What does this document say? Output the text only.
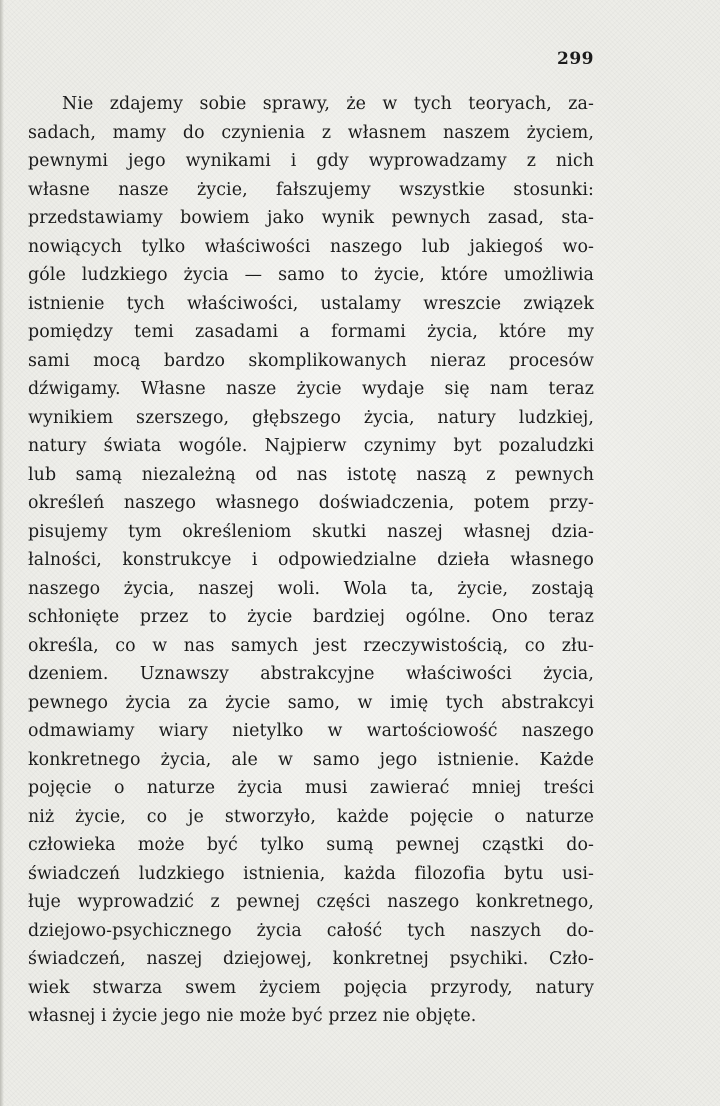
299

Nie zdajemy sobie sprawy, że w tych teoryach, za-
sadach, mamy do czynienia z własnem naszem życiem,
pewnymi jego wynikami i gdy wyprowadzamy z nich
własne nasze życie, fałszujemy wszystkie stosunki:
przedstawiamy bowiem jako wynik pewnych zasad, sta-
nowiących tylko właściwości naszego lub jakiegoś wo-
góle ludzkiego życia — samo to życie, które umożliwia
istnienie tych właściwości, ustalamy wreszcie związek
pomiędzy temi zasadami a formami życia, które my
sami mocą bardzo skomplikowanych nieraz procesów
dźwigamy. Własne nasze życie wydaje się nam teraz
wynikiem szerszego, głębszego życia, natury ludzkiej,
natury świata wogóle. Najpierw czynimy byt pozaludzki
lub samą niezależną od nas istotę naszą z pewnych
określeń naszego własnego doświadczenia, potem przy-
pisujemy tym określeniom skutki naszej własnej dzia-
łalności, konstrukcye i odpowiedzialne dzieła własnego
naszego życia, naszej woli. Wola ta, życie, zostają
schłonięte przez to życie bardziej ogólne. Ono teraz
określa, co w nas samych jest rzeczywistością, co złu-
dzeniem. Uznawszy abstrakcyjne właściwości życia,
pewnego życia za życie samo, w imię tych abstrakcyi
odmawiamy wiary nietylko w wartościowość naszego
konkretnego życia, ale w samo jego istnienie. Każde
pojęcie o naturze życia musi zawierać mniej treści
niż życie, co je stworzyło, każde pojęcie o naturze
człowieka może być tylko sumą pewnej cząstki do-
świadczeń ludzkiego istnienia, każda filozofia bytu usi-
łuje wyprowadzić z pewnej części naszego konkretnego,
dziejowo-psychicznego życia całość tych naszych do-
świadczeń, naszej dziejowej, konkretnej psychiki. Czło-
wiek stwarza swem życiem pojęcia przyrody, natury
własnej i życie jego nie może być przez nie objęte.
